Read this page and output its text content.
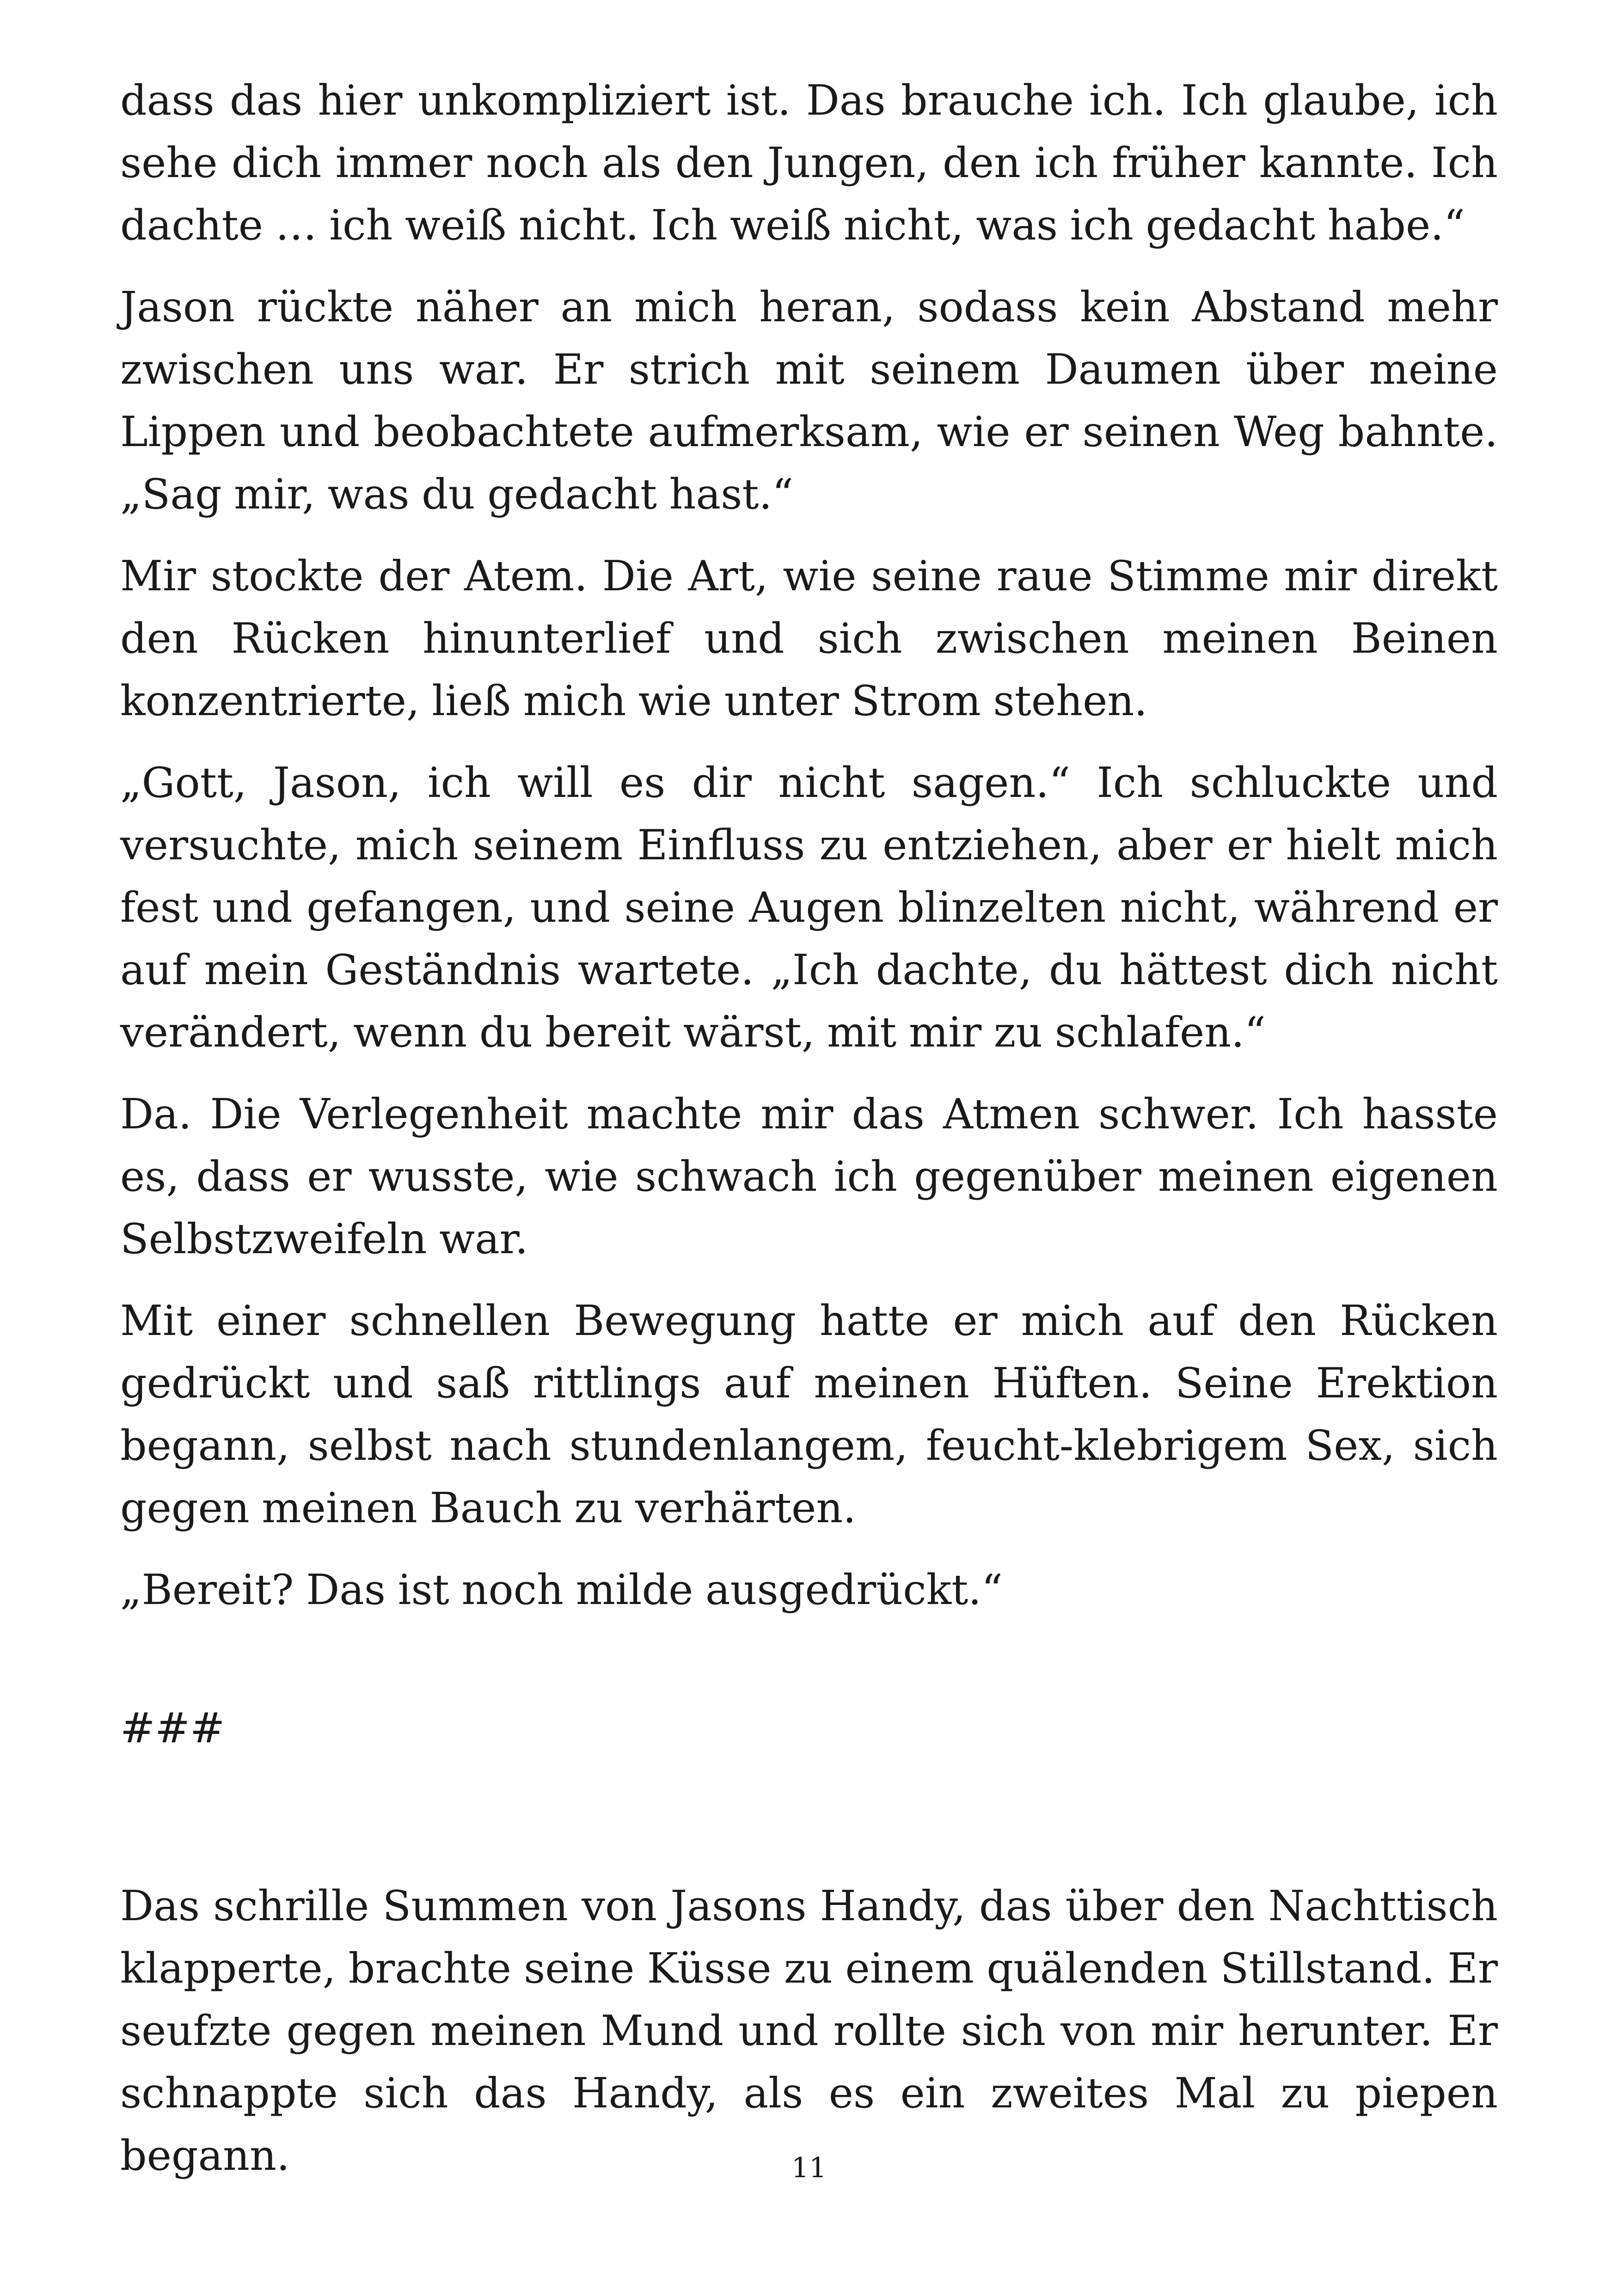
dass das hier unkompliziert ist. Das brauche ich. Ich glaube, ich sehe dich immer noch als den Jungen, den ich früher kannte. Ich dachte … ich weiß nicht. Ich weiß nicht, was ich gedacht habe.“

Jason rückte näher an mich heran, sodass kein Abstand mehr zwischen uns war. Er strich mit seinem Daumen über meine Lippen und beobachtete aufmerksam, wie er seinen Weg bahnte. „Sag mir, was du gedacht hast.“

Mir stockte der Atem. Die Art, wie seine raue Stimme mir direkt den Rücken hinunterlief und sich zwischen meinen Beinen konzentrierte, ließ mich wie unter Strom stehen.

„Gott, Jason, ich will es dir nicht sagen.“ Ich schluckte und versuchte, mich seinem Einfluss zu entziehen, aber er hielt mich fest und gefangen, und seine Augen blinzelten nicht, während er auf mein Geständnis wartete. „Ich dachte, du hättest dich nicht verändert, wenn du bereit wärst, mit mir zu schlafen.“

Da. Die Verlegenheit machte mir das Atmen schwer. Ich hasste es, dass er wusste, wie schwach ich gegenüber meinen eigenen Selbstzweifeln war.

Mit einer schnellen Bewegung hatte er mich auf den Rücken gedrückt und saß rittlings auf meinen Hüften. Seine Erektion begann, selbst nach stundenlangem, feucht-klebrigem Sex, sich gegen meinen Bauch zu verhärten.

„Bereit? Das ist noch milde ausgedrückt.“

###

Das schrille Summen von Jasons Handy, das über den Nachttisch klapperte, brachte seine Küsse zu einem quälenden Stillstand. Er seufzte gegen meinen Mund und rollte sich von mir herunter. Er schnappte sich das Handy, als es ein zweites Mal zu piepen begann.	11
